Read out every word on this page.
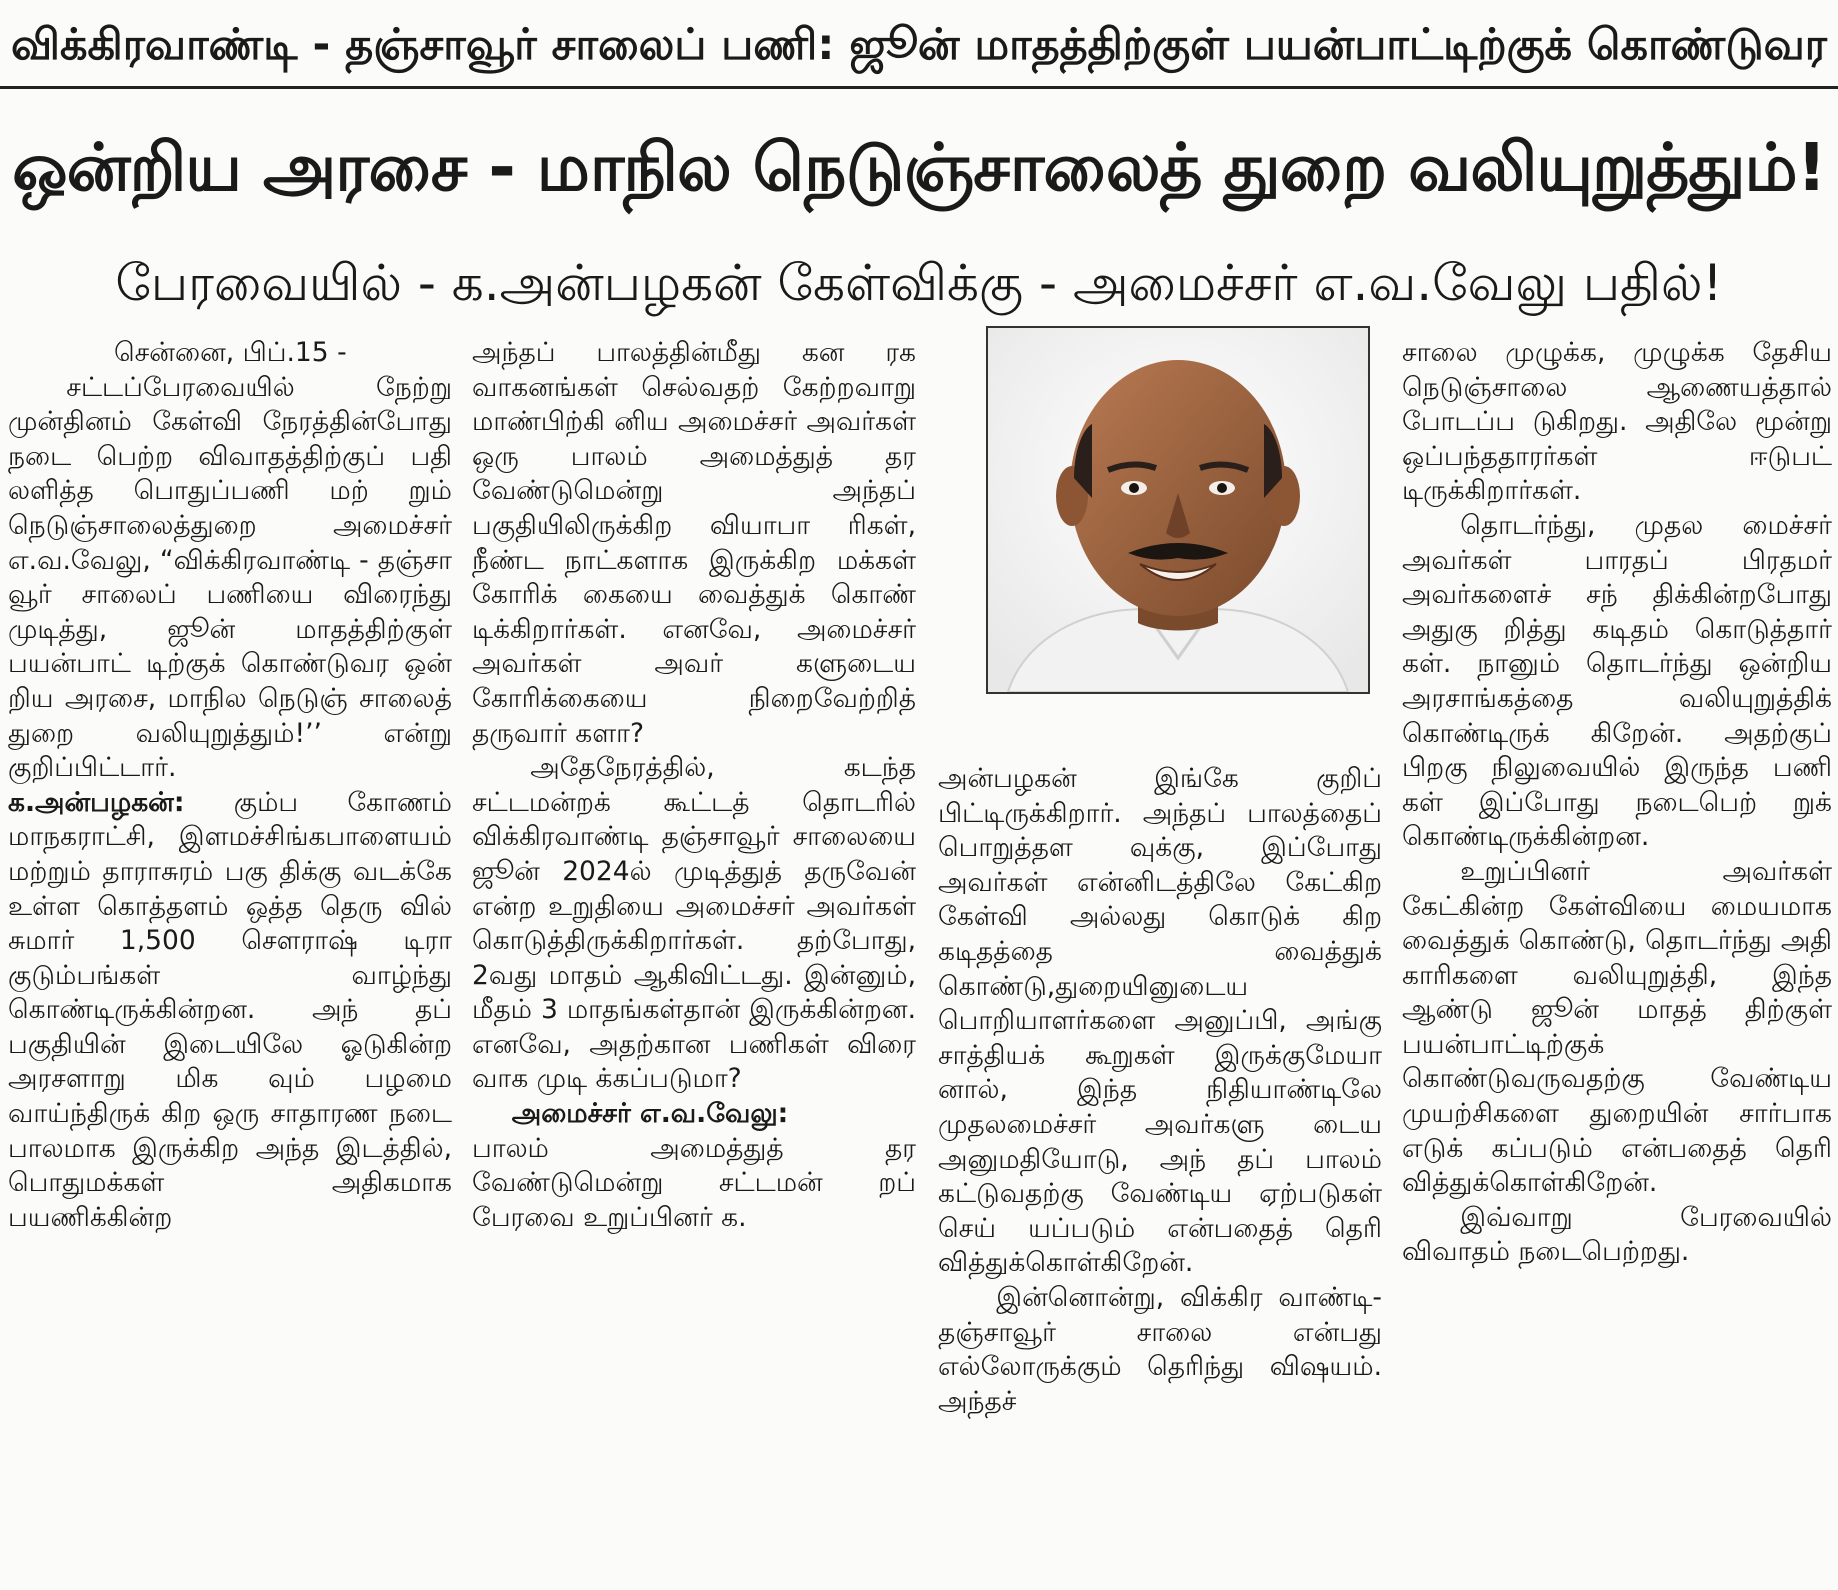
விக்கிரவாண்டி - தஞ்சாவூர் சாலைப் பணி: ஜூன் மாதத்திற்குள் பயன்பாட்டிற்குக் கொண்டுவர
ஒன்றிய அரசை - மாநில நெடுஞ்சாலைத் துறை வலியுறுத்தும்!
பேரவையில் - க.அன்பழகன் கேள்விக்கு - அமைச்சர் எ.வ.வேலு பதில்!

சென்னை, பிப்.15 -

சட்டப்பேரவையில் நேற்று முன்தினம் கேள்வி நேரத்தின்போது நடை பெற்ற விவாதத்திற்குப் பதி லளித்த பொதுப்பணி மற் றும் நெடுஞ்சாலைத்துறை அமைச்சர் எ.வ.வேலு, “விக்கிரவாண்டி - தஞ்சா வூர் சாலைப் பணியை விரைந்து முடித்து, ஜூன் மாதத்திற்குள் பயன்பாட் டிற்குக் கொண்டுவர ஒன் றிய அரசை, மாநில நெடுஞ் சாலைத் துறை வலியுறுத்தும்!’’ என்று குறிப்பிட்டார்.

க.அன்பழகன்: கும்ப கோணம் மாநகராட்சி, இளமச்சிங்கபாளையம் மற்றும் தாராசுரம் பகு திக்கு வடக்கே உள்ள கொத்தளம் ஒத்த தெரு வில் சுமார் 1,500 சௌராஷ் டிரா குடும்பங்கள் வாழ்ந்து கொண்டிருக்கின்றன. அந் தப் பகுதியின் இடையிலே ஓடுகின்ற அரசளாறு மிக வும் பழமை வாய்ந்திருக் கிற ஒரு சாதாரண நடை பாலமாக இருக்கிற அந்த இடத்தில், பொதுமக்கள் அதிகமாக பயணிக்கின்ற

அந்தப் பாலத்தின்மீது கன ரக வாகனங்கள் செல்வதற் கேற்றவாறு மாண்பிற்கி னிய அமைச்சர் அவர்கள் ஒரு பாலம் அமைத்துத் தர வேண்டுமென்று அந்தப் பகுதியிலிருக்கிற வியாபா ரிகள், நீண்ட நாட்களாக இருக்கிற மக்கள் கோரிக் கையை வைத்துக் கொண் டிக்கிறார்கள். எனவே, அமைச்சர் அவர்கள் அவர் களுடைய கோரிக்கையை நிறைவேற்றித் தருவார் களா?

அதேநேரத்தில், கடந்த சட்டமன்றக் கூட்டத் தொடரில் விக்கிரவாண்டி தஞ்சாவூர் சாலையை ஜூன் 2024ல் முடித்துத் தருவேன் என்ற உறுதியை அமைச்சர் அவர்கள் கொடுத்திருக்கிறார்கள். தற்போது, 2வது மாதம் ஆகிவிட்டது. இன்னும், மீதம் 3 மாதங்கள்தான் இருக்கின்றன. எனவே, அதற்கான பணிகள் விரை வாக முடி க்கப்படுமா?

அமைச்சர் எ.வ.வேலு:

பாலம் அமைத்துத் தர வேண்டுமென்று சட்டமன் றப் பேரவை உறுப்பினர் க.

அன்பழகன் இங்கே குறிப் பிட்டிருக்கிறார். அந்தப் பாலத்தைப் பொறுத்தள வுக்கு, இப்போது அவர்கள் என்னிடத்திலே கேட்கிற கேள்வி அல்லது கொடுக் கிற கடிதத்தை வைத்துக் கொண்டு,துறையினுடைய பொறியாளர்களை அனுப்பி, அங்கு சாத்தியக் கூறுகள் இருக்குமேயா னால், இந்த நிதியாண்டிலே முதலமைச்சர் அவர்களு டைய அனுமதியோடு, அந் தப் பாலம் கட்டுவதற்கு வேண்டிய ஏற்படுகள் செய் யப்படும் என்பதைத் தெரி வித்துக்கொள்கிறேன்.

இன்னொன்று, விக்கிர வாண்டி- தஞ்சாவூர் சாலை என்பது எல்லோருக்கும் தெரிந்து விஷயம். அந்தச்

சாலை முழுக்க, முழுக்க தேசிய நெடுஞ்சாலை ஆணையத்தால் போடப்ப டுகிறது. அதிலே மூன்று ஒப்பந்ததாரர்கள் ஈடுபட் டிருக்கிறார்கள்.

தொடர்ந்து, முதல மைச்சர் அவர்கள் பாரதப் பிரதமர் அவர்களைச் சந் திக்கின்றபோது அதுகு றித்து கடிதம் கொடுத்தார் கள். நானும் தொடர்ந்து ஒன்றிய அரசாங்கத்தை வலியுறுத்திக் கொண்டிருக் கிறேன். அதற்குப் பிறகு நிலுவையில் இருந்த பணி கள் இப்போது நடைபெற் றுக் கொண்டிருக்கின்றன.

உறுப்பினர் அவர்கள் கேட்கின்ற கேள்வியை மையமாக வைத்துக் கொண்டு, தொடர்ந்து அதி காரிகளை வலியுறுத்தி, இந்த ஆண்டு ஜூன் மாதத் திற்குள் பயன்பாட்டிற்குக் கொண்டுவருவதற்கு வேண்டிய முயற்சிகளை துறையின் சார்பாக எடுக் கப்படும் என்பதைத் தெரி வித்துக்கொள்கிறேன்.

இவ்வாறு பேரவையில் விவாதம் நடைபெற்றது.
